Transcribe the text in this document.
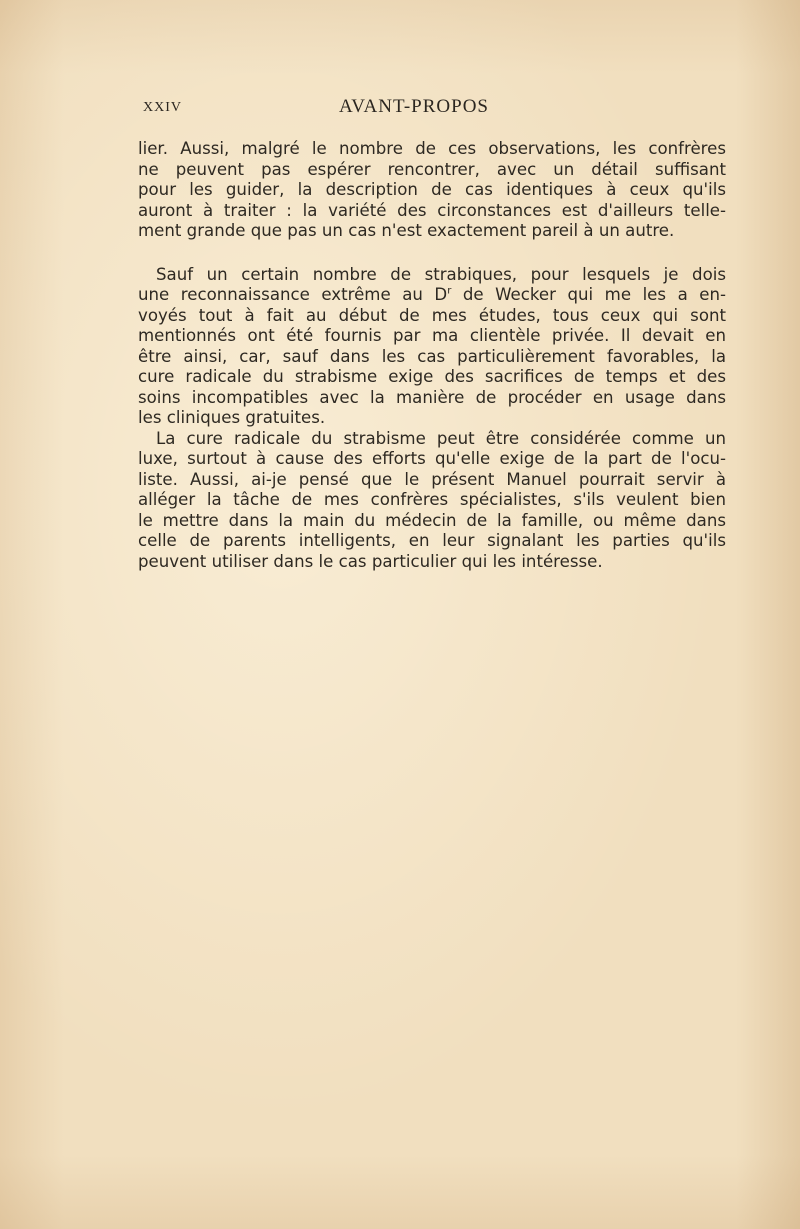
XXIV	AVANT-PROPOS
lier. Aussi, malgré le nombre de ces observations, les confrères
ne peuvent pas espérer rencontrer, avec un détail suffisant
pour les guider, la description de cas identiques à ceux qu'ils
auront à traiter : la variété des circonstances est d'ailleurs telle-
ment grande que pas un cas n'est exactement pareil à un autre.
Sauf un certain nombre de strabiques, pour lesquels je dois
une reconnaissance extrême au $D^r$ de Wecker qui me les a en-
voyés tout à fait au début de mes études, tous ceux qui sont
mentionnés ont été fournis par ma clientèle privée. Il devait en
être ainsi, car, sauf dans les cas particulièrement favorables, la
cure radicale du strabisme exige des sacrifices de temps et des
soins incompatibles avec la manière de procéder en usage dans
les cliniques gratuites.
La cure radicale du strabisme peut être considérée comme un
luxe, surtout à cause des efforts qu'elle exige de la part de l'ocu-
liste. Aussi, ai-je pensé que le présent Manuel pourrait servir à
alléger la tâche de mes confrères spécialistes, s'ils veulent bien
le mettre dans la main du médecin de la famille, ou même dans
celle de parents intelligents, en leur signalant les parties qu'ils
peuvent utiliser dans le cas particulier qui les intéresse.
